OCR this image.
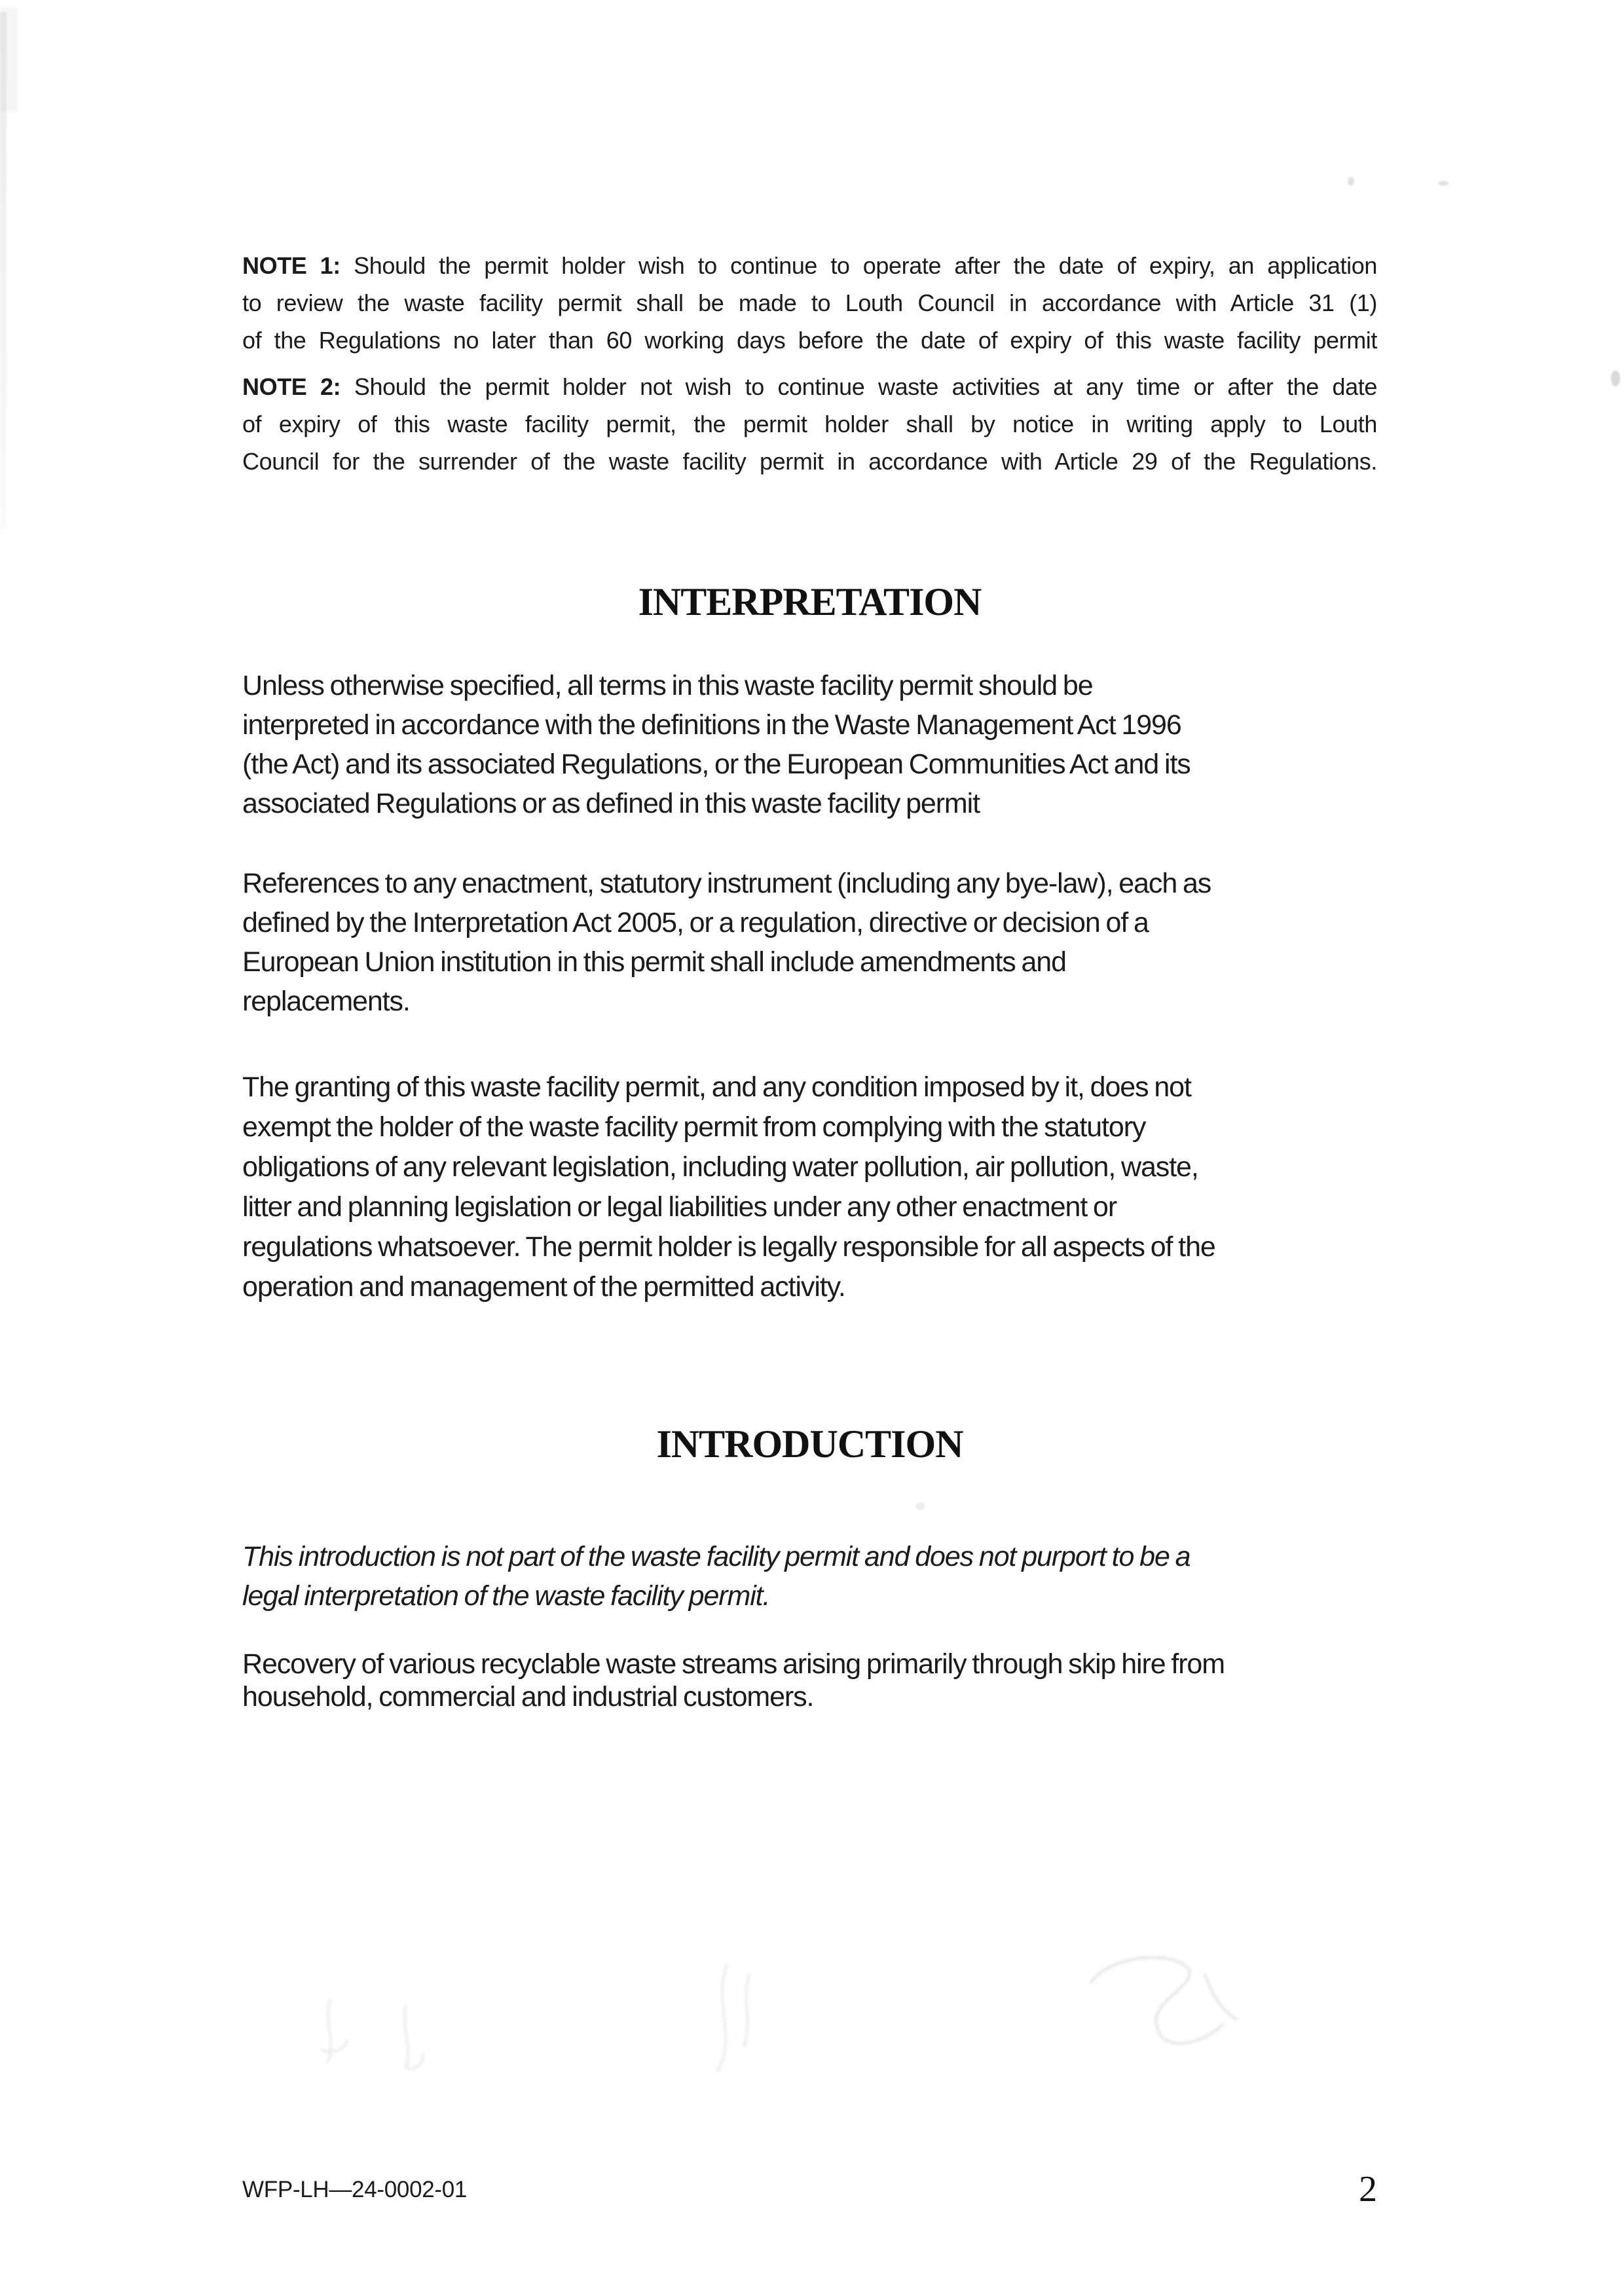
NOTE 1: Should the permit holder wish to continue to operate after the date of expiry, an application
to review the waste facility permit shall be made to Louth Council in accordance with Article 31 (1)
of the Regulations no later than 60 working days before the date of expiry of this waste facility permit
NOTE 2: Should the permit holder not wish to continue waste activities at any time or after the date
of expiry of this waste facility permit, the permit holder shall by notice in writing apply to Louth
Council for the surrender of the waste facility permit in accordance with Article 29 of the Regulations.
INTERPRETATION
Unless otherwise specified, all terms in this waste facility permit should be
interpreted in accordance with the definitions in the Waste Management Act 1996
(the Act) and its associated Regulations, or the European Communities Act and its
associated Regulations or as defined in this waste facility permit
References to any enactment, statutory instrument (including any bye-law), each as
defined by the Interpretation Act 2005, or a regulation, directive or decision of a
European Union institution in this permit shall include amendments and
replacements.
The granting of this waste facility permit, and any condition imposed by it, does not
exempt the holder of the waste facility permit from complying with the statutory
obligations of any relevant legislation, including water pollution, air pollution, waste,
litter and planning legislation or legal liabilities under any other enactment or
regulations whatsoever. The permit holder is legally responsible for all aspects of the
operation and management of the permitted activity.
INTRODUCTION
This introduction is not part of the waste facility permit and does not purport to be a
legal interpretation of the waste facility permit.
Recovery of various recyclable waste streams arising primarily through skip hire from
household, commercial and industrial customers.
WFP-LH—24-0002-01	2
